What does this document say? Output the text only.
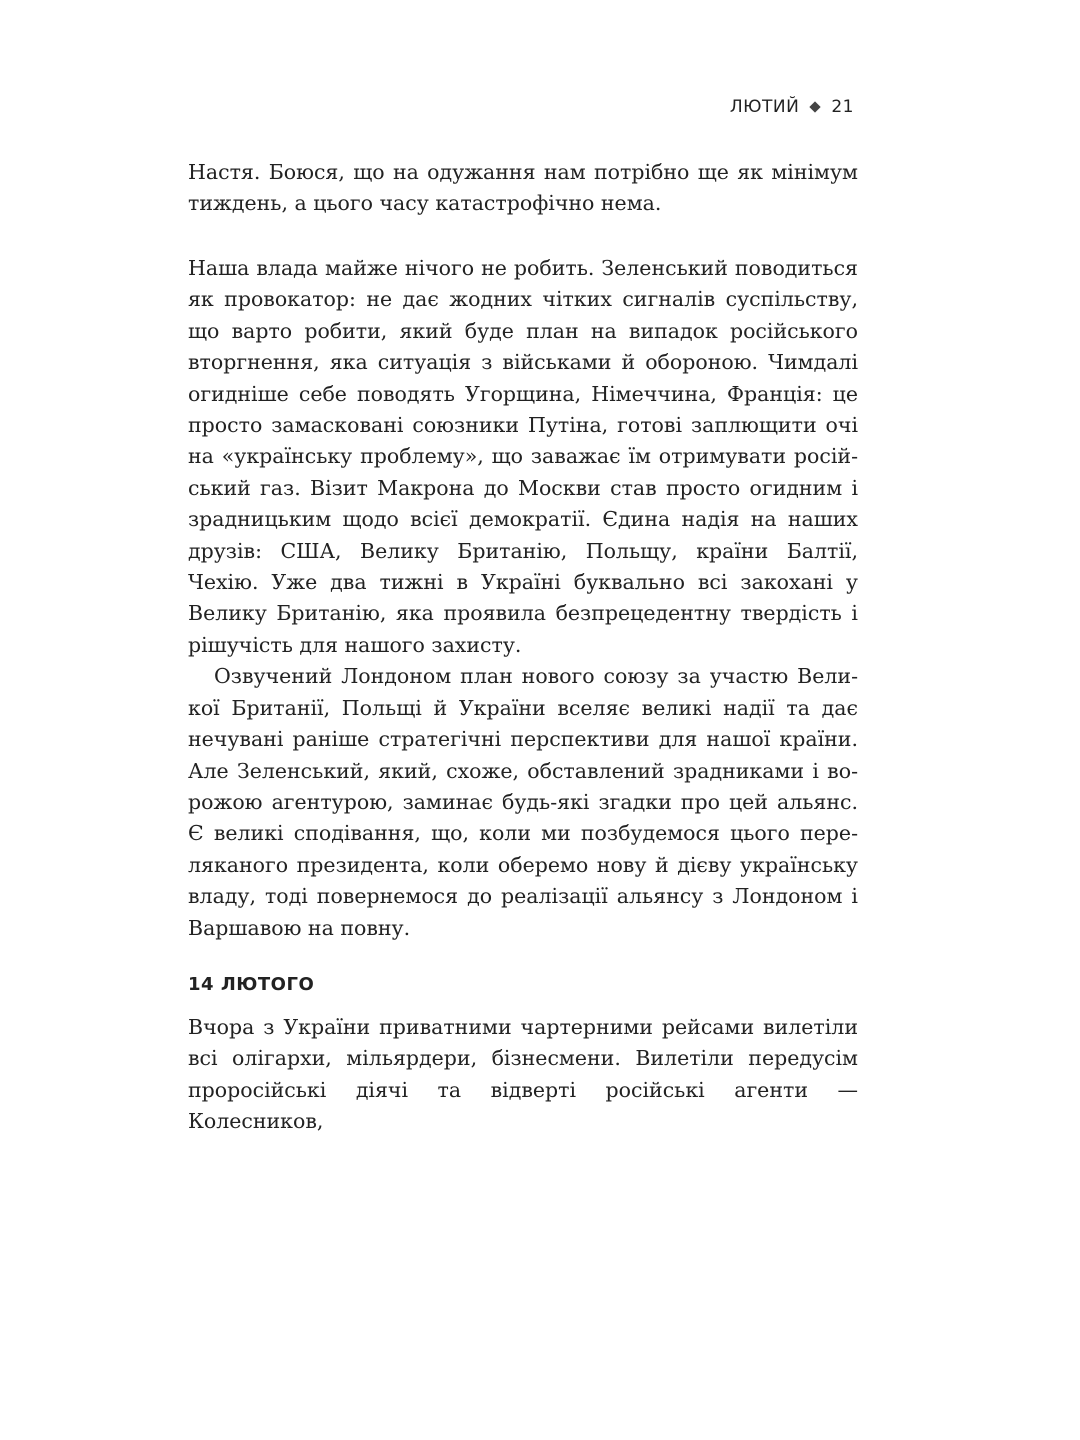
ЛЮТИЙ 21

Настя. Боюся, що на одужання нам потрібно ще як мінімум тиждень, а цього часу катастрофічно нема.

Наша влада майже нічого не робить. Зеленський поводиться як провокатор: не дає жодних чітких сигналів суспільству, що варто робити, який буде план на випадок російського вторгнення, яка ситуація з військами й обороною. Чимдалі огидніше себе поводять Угорщина, Німеччина, Франція: це просто замасковані союзники Путіна, готові заплющити очі на «українську проблему», що заважає їм отримувати російський газ. Візит Макрона до Москви став просто огидним і зрадницьким щодо всієї демократії. Єдина надія на наших друзів: США, Велику Британію, Польщу, країни Балтії, Чехію. Уже два тижні в Україні буквально всі закохані у Велику Британію, яка проявила безпрецедентну твердість і рішучість для нашого захисту.

Озвучений Лондоном план нового союзу за участю Великої Британії, Польщі й України вселяє великі надії та дає нечувані раніше стратегічні перспективи для нашої країни. Але Зеленський, який, схоже, обставлений зрадниками і ворожою агентурою, заминає будь-які згадки про цей альянс. Є великі сподівання, що, коли ми позбудемося цього переляканого президента, коли оберемо нову й дієву українську владу, тоді повернемося до реалізації альянсу з Лондоном і Варшавою на повну.

14 ЛЮТОГО

Вчора з України приватними чартерними рейсами вилетіли всі олігархи, мільярдери, бізнесмени. Вилетіли передусім проросійські діячі та відверті російські агенти — Колесников,
